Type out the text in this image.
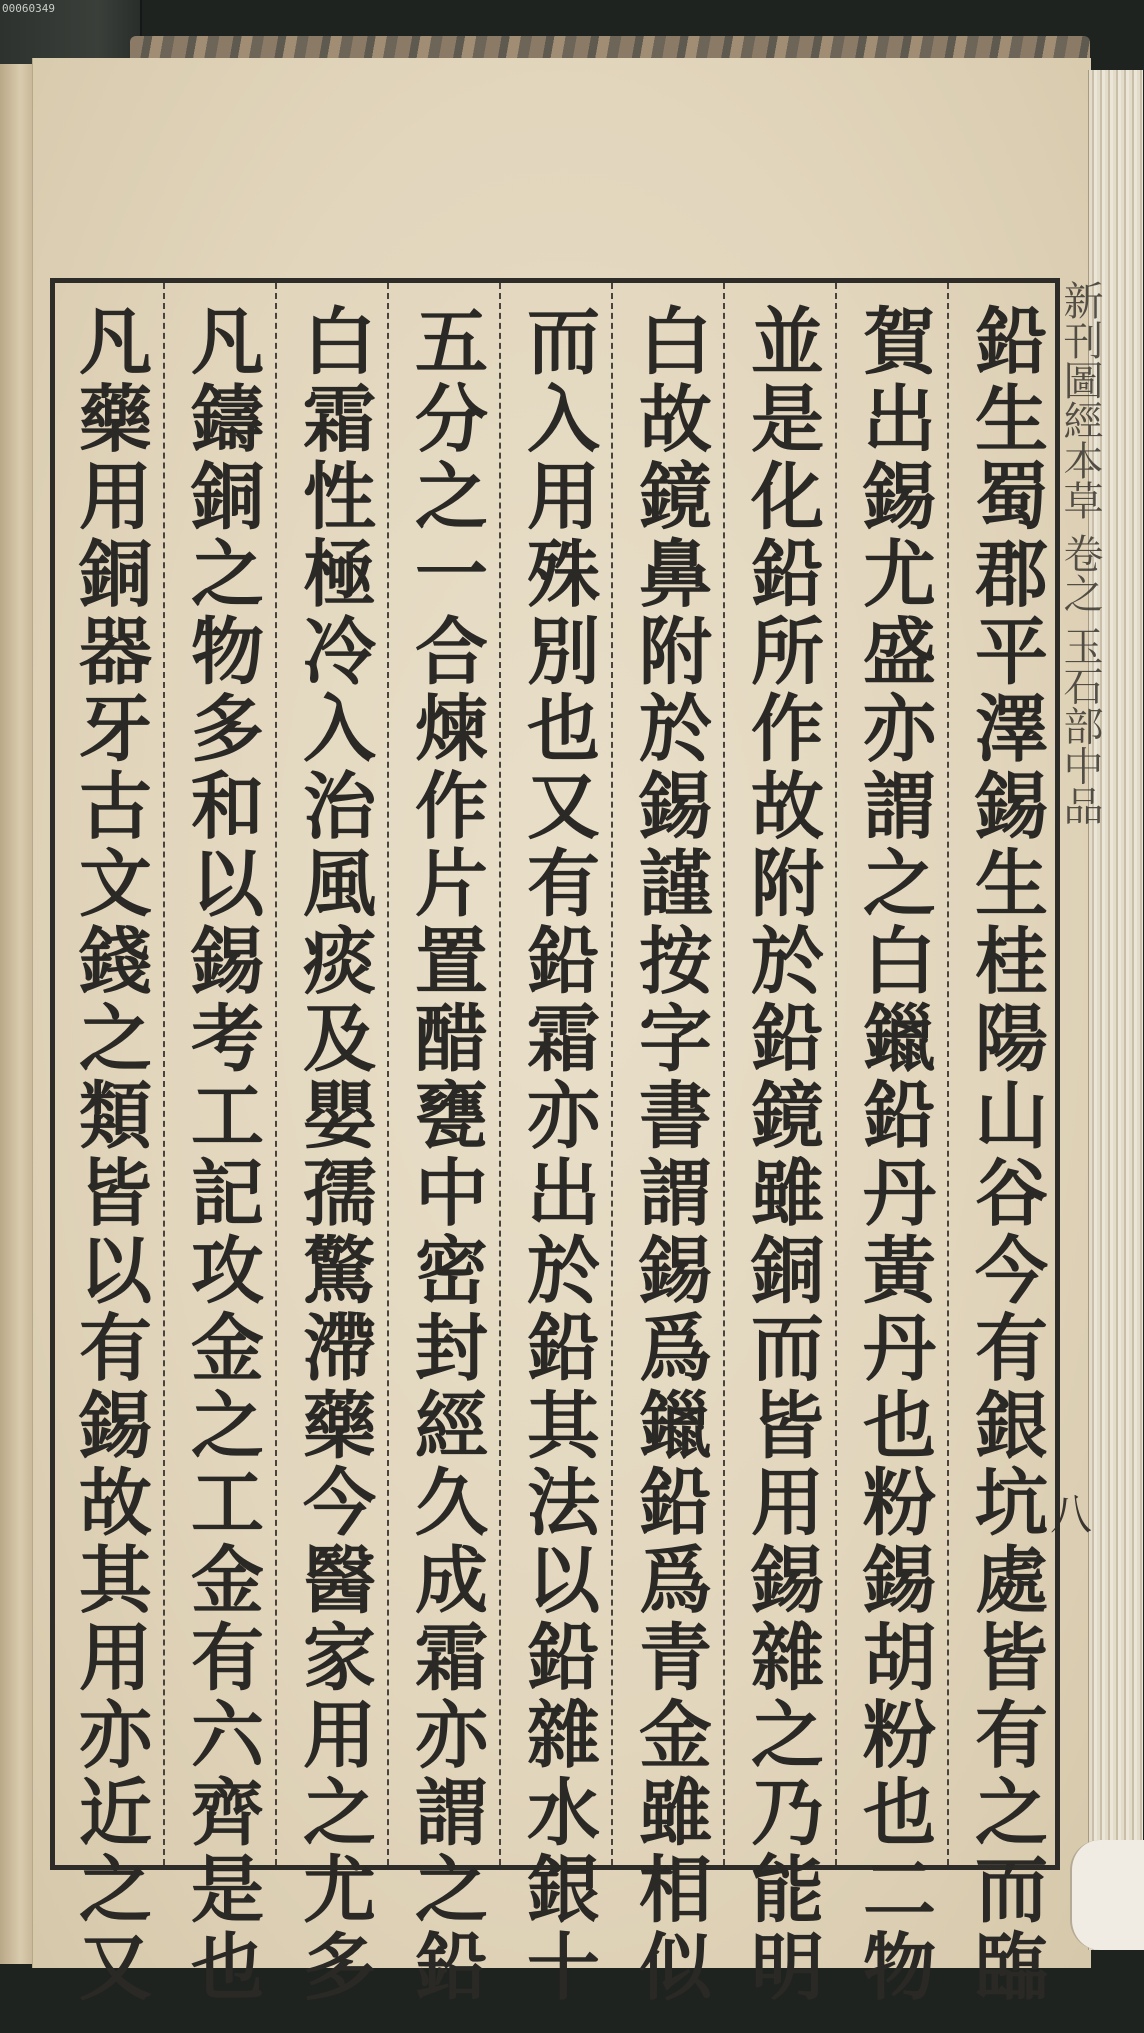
00060349

新刊圖經本草 卷之 玉石部中品

八

鉛生蜀郡平澤錫生桂陽山谷今有銀坑處皆有之而臨

賀出錫尤盛亦謂之白鑞鉛丹黃丹也粉錫胡粉也二物

並是化鉛所作故附於鉛鏡雖銅而皆用錫雜之乃能明

白故鏡鼻附於錫謹按字書謂錫爲鑞鉛爲青金雖相似

而入用殊別也又有鉛霜亦出於鉛其法以鉛雜水銀十

五分之一合煉作片置醋甕中密封經久成霜亦謂之鉛

白霜性極冷入治風痰及嬰孺驚滯藥今醫家用之尤多

凡鑄銅之物多和以錫考工記攻金之工金有六齊是也

凡藥用銅器牙古文錢之類皆以有錫故其用亦近之又
